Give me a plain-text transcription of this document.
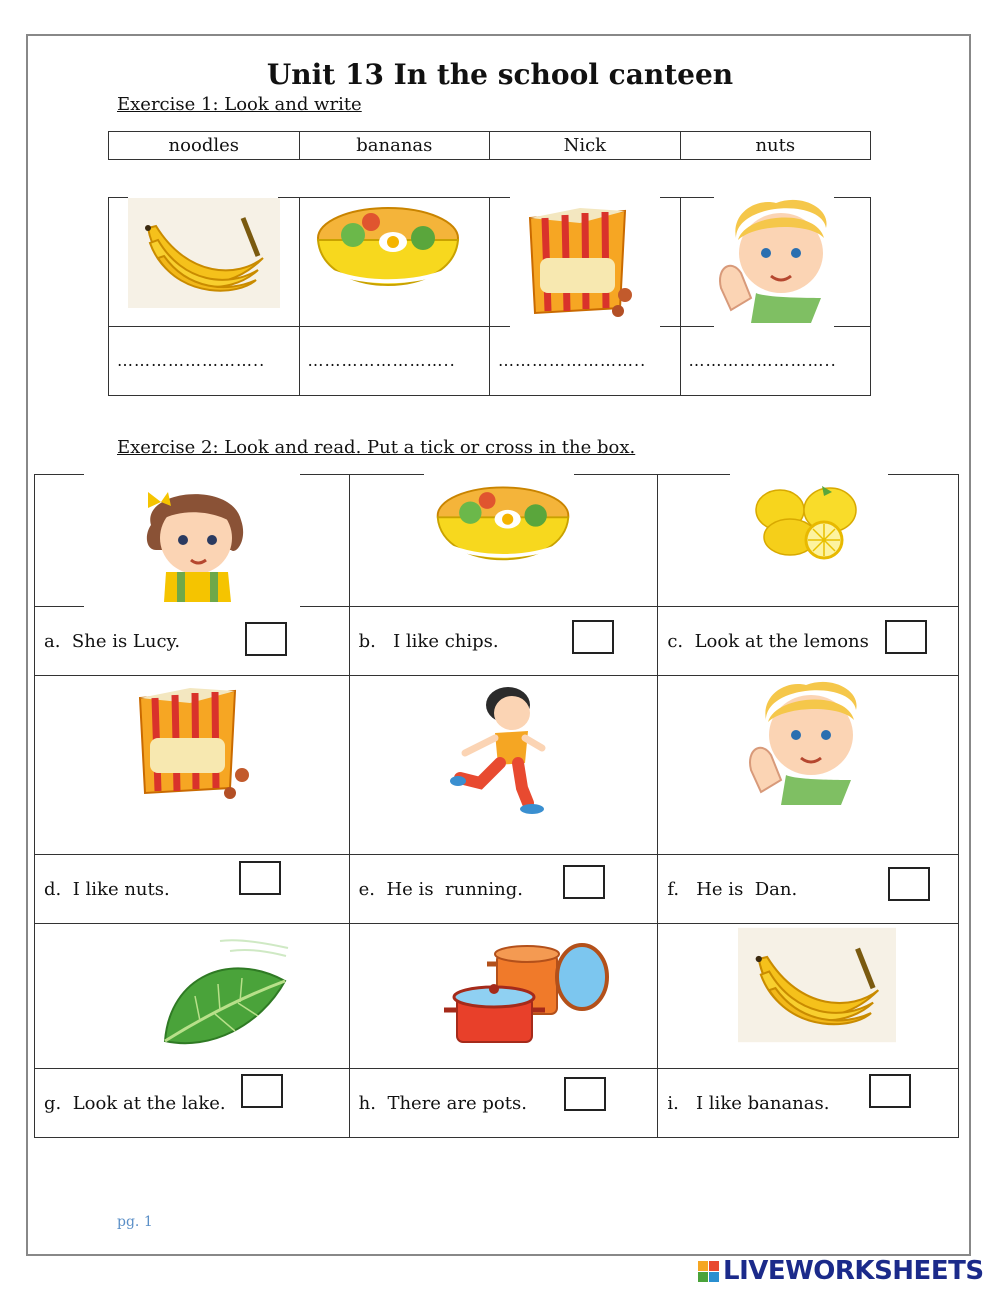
Unit 13 In the school canteen
Exercise 1: Look and write
noodles	bananas	Nick	nuts

……………………..	……………………..	……………………..	……………………..
Exercise 2: Look and read. Put a tick or cross in the box.

a. She is Lucy.	b.   I like chips.	c. Look at the lemons

d. I like nuts.	e. He is  running.	f.   He is  Dan.

g. Look at the lake.	h. There are pots.	i.   I like bananas.
pg. 1
LIVEWORKSHEETS
